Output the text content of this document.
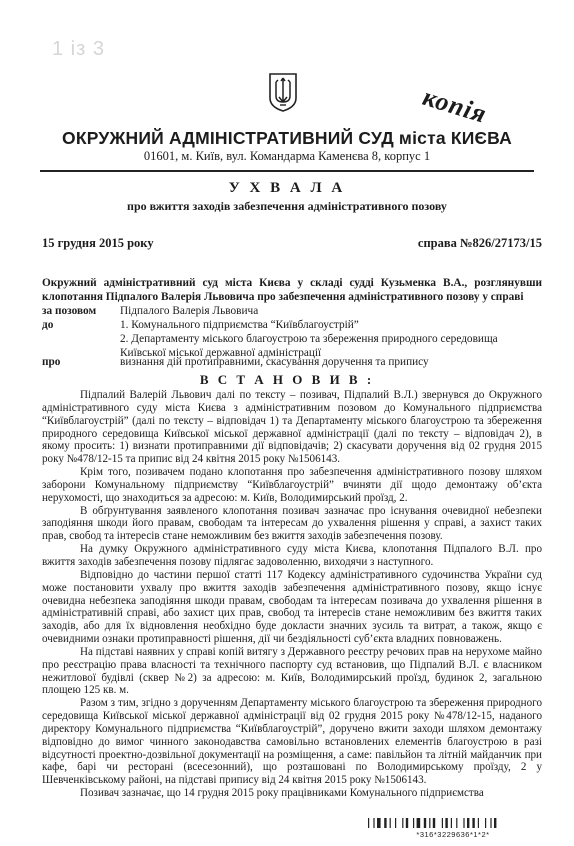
1 із 3
копія
ОКРУЖНИЙ АДМІНІСТРАТИВНИЙ СУД міста КИЄВА
01601, м. Київ, вул. Командарма Каменєва 8, корпус 1
У Х В А Л А
про вжиття заходів забезпечення адміністративного позову
15 грудня 2015 року	справа №826/27173/15
Окружний адміністративний суд міста Києва у складі судді Кузьменка В.А., розглянувши клопотання Підпалого Валерія Львовича про забезпечення адміністративного позову у справі
за позовом	Підпалого Валерія Львовича
до	1. Комунального підприємства “Київблагоустрій”
2. Департаменту міського благоустрою та збереження природного середовища Київської міської державної адміністрації
про	визнання дій протиправними, скасування доручення та припису
В С Т А Н О В И В :

Підпалий Валерій Львович далі по тексту – позивач, Підпалий В.Л.) звернувся до Окружного адміністративного суду міста Києва з адміністративним позовом до Комунального підприємства “Київблагоустрій” (далі по тексту – відповідач 1) та Департаменту міського благоустрою та збереження природного середовища Київської міської державної адміністрації (далі по тексту – відповідач 2), в якому просить: 1) визнати протиправними дії відповідачів; 2) скасувати доручення від 02 грудня 2015 року №478/12-15 та припис від 24 квітня 2015 року №1506143.

Крім того, позивачем подано клопотання про забезпечення адміністративного позову шляхом заборони Комунальному підприємству “Київблагоустрій” вчиняти дії щодо демонтажу об’єкта нерухомості, що знаходиться за адресою: м. Київ, Володимирський проїзд, 2.

В обґрунтування заявленого клопотання позивач зазначає про існування очевидної небезпеки заподіяння шкоди його правам, свободам та інтересам до ухвалення рішення у справі, а захист таких прав, свобод та інтересів стане неможливим без вжиття заходів забезпечення позову.

На думку Окружного адміністративного суду міста Києва, клопотання Підпалого В.Л. про вжиття заходів забезпечення позову підлягає задоволенню, виходячи з наступного.

Відповідно до частини першої статті 117 Кодексу адміністративного судочинства України суд може постановити ухвалу про вжиття заходів забезпечення адміністративного позову, якщо існує очевидна небезпека заподіяння шкоди правам, свободам та інтересам позивача до ухвалення рішення в адміністративній справі, або захист цих прав, свобод та інтересів стане неможливим без вжиття таких заходів, або для їх відновлення необхідно буде докласти значних зусиль та витрат, а також, якщо є очевидними ознаки протиправності рішення, дії чи бездіяльності суб’єкта владних повноважень.

На підставі наявних у справі копій витягу з Державного реєстру речових прав на нерухоме майно про реєстрацію права власності та технічного паспорту суд встановив, що Підпалий В.Л. є власником нежитлової будівлі (сквер №2) за адресою: м. Київ, Володимирський проїзд, будинок 2, загальною площею 125 кв. м.

Разом з тим, згідно з дорученням Департаменту міського благоустрою та збереження природного середовища Київської міської державної адміністрації від 02 грудня 2015 року №478/12-15, наданого директору Комунального підприємства “Київблагоустрій”, доручено вжити заходи шляхом демонтажу відповідно до вимог чинного законодавства самовільно встановлених елементів благоустрою в разі відсутності проектно-дозвільної документації на розміщення, а саме: павільйон та літній майданчик при кафе, барі чи ресторані (всесезонний), що розташовані по Володимирському проїзду, 2 у Шевченківському районі, на підставі припису від 24 квітня 2015 року №1506143.

Позивач зазначає, що 14 грудня 2015 року працівниками Комунального підприємства

*316*3229636*1*2*
